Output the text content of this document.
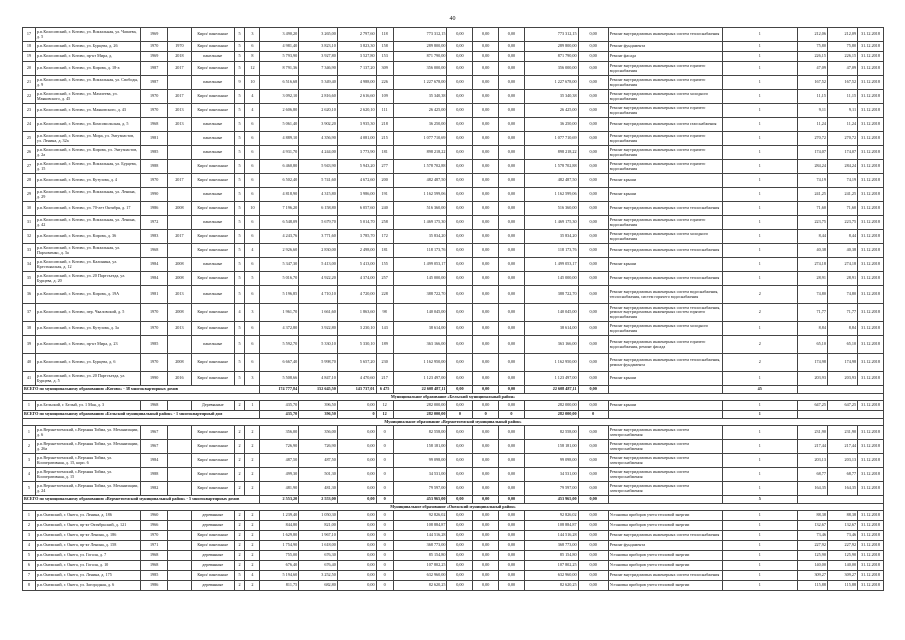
40
17	р.п.Колосовский, г. Котово, ул. Вокзальная, ул. Чапаева, д. 5	1969		Кирп/ панельные	5	3	3 490,20	3 265,00	2 797,60	118	773 312,15	0,00	0,00	0,00	773 312,15	0,00	Ремонт внутридомовых инженерных систем теплоснабжения	1	212,06	212,09	31.12.2018
18	р.п.Колосовский, г. Котово, ул. Бурцева, д. 26	1970	1970	Кирп/ панельные	5	6	4 981,40	3 823,10	3 823,30	158	289 800,00	0,00	0,00	0,00	289 800,00	0,00	Ремонт фундамента	1	75,80	75,80	31.12.2018
19	р.п.Колосовский, г. Котово, пр-кт Мира, д.	1969	2018	панельные	5	8	5 793,90	3 927,80	3 527,80	153	871 790,00	0,00	0,00	0,00	871 790,00	0,00	Ремонт фасада	1	226,15	226,15	31.12.2018
20	р.п.Колосовский, г. Котово, ул. Кирова, д. 18-а	1987	2017	Кирп/ панельные	5	12	8 791,36	7 346,90	7 137,20	309	356 000,00	0,00	0,00	0,00	356 000,00	0,00	Ремонт внутридомовых инженерных систем горячего водоснабжения	1	47,09	47,09	31.12.2018
21	р.п.Колосовский, г. Котово, ул. Вокзальная, ул. Свободы, д. 9	1987		панельные	9	10	6 516,68	5 349,40	4 988,00	226	1 227 678,00	0,00	0,00	0,00	1 227 678,00	0,00	Ремонт внутридомовых инженерных систем горячего водоснабжения	1	167,52	167,52	31.12.2018
22	р.п.Колосовский, г. Котово, ул. Мамлеева, ул. Маяковского, д. 45	1970	2017	Кирп/ панельные	5	4	3 092,10	2 816,60	2 616,60	109	35 340,38	0,00	0,00	0,00	35 340,38	0,00	Ремонт внутридомовых инженерных систем холодного водоснабжения	1	11,15	11,15	31.12.2018
23	р.п.Колосовский, г. Котово, ул. Маяковского, д. 43	1970	2013	Кирп/ панельные	5	4	2 606,80	2 620,10	2 620,10	111	26 425,00	0,00	0,00	0,00	26 425,00	0,00	Ремонт внутридомовых инженерных систем горячего водоснабжения	1	9,11	9,11	31.12.2018
24	р.п.Колосовский, г. Котово, ул. Комсомольская, д. 5	1968	2013	панельные	5	6	5 061,40	3 902,20	3 935,30	218	36 250,00	0,00	0,00	0,00	36 250,00	0,00	Ремонт внутридомовых инженерных систем газоснабжения	1	11,24	11,24	31.12.2018
25	р.п.Колосовский, г. Котово, ул. Мира, ул. Энтузиастов, ул. Ленина, д. 32а	1981		панельные	5	6	4 889,10	4 356,90	4 081,00	215	1 077 710,69	0,00	0,00	0,00	1 077 710,69	0,00	Ремонт внутридомовых инженерных систем горячего водоснабжения	1	270,72	270,72	31.12.2018
26	р.п.Колосовский, г. Котово, ул. Кирова, ул. Энтузиастов, д. 2а	1985		панельные	5	6	4 931,70	4 244,00	3 773,90	181	898 218,22	0,00	0,00	0,00	898 218,22	0,00	Ремонт внутридомовых инженерных систем горячего водоснабжения	1	174,07	174,07	31.12.2018
27	р.п.Колосовский, г. Котово, ул. Вокзальная, ул. Бурцева, д. 15	1988		Кирп/ панельные	5	6	6 460,80	5 943,90	5 943,20	277	1 578 702,88	0,00	0,00	0,00	1 578 702,88	0,00	Ремонт внутридомовых инженерных систем горячего водоснабжения	1	284,24	284,24	31.12.2018
28	р.п.Колосовский, г. Котово, ул. Кутузова, д. 4	1970	2017	Кирп/ панельные	5	6	6 502,40	5 741,60	4 672,60	200	482 487,50	0,00	0,00	0,00	482 487,50	0,00	Ремонт крыши	1	74,19	74,19	31.12.2018
29	р.п.Колосовский, г. Котово, ул. Вокзальная, ул. Ленина, д. 29	1990		панельные	5	6	4 818,90	4 315,80	3 986,00	191	1 162 599,06	0,00	0,00	0,00	1 162 599,06	0,00	Ремонт крыши	1	241,25	241,25	31.12.2018
30	р.п.Колосовский, г. Котово, ул. 70-лет Октября, д. 17	1986	2008	Кирп/ панельные	5	10	7 196,20	6 158,80	6 057,60	240	516 360,00	0,00	0,00	0,00	516 360,00	0,00	Ремонт внутридомовых инженерных систем теплоснабжения	1	71,60	71,60	31.12.2018
31	р.п.Колосовский, г. Котово, ул. Вокзальная, ул. Ленина, д. 42	1972		панельные	5	6	6 548,09	5 679,70	5 014,70	258	1 469 175,30	0,00	0,00	0,00	1 469 175,30	0,00	Ремонт внутридомовых инженерных систем горячего водоснабжения	1	223,75	223,75	31.12.2018
32	р.п.Колосовский, г. Котово, ул. Кирова, д. 36	1983	2017	Кирп/ панельные	5	6	4 243,76	3 771,60	3 785,70	172	35 834,20	0,00	0,00	0,00	35 834,20	0,00	Ремонт внутридомовых инженерных систем холодного водоснабжения	1	8,44	8,44	31.12.2018
33	р.п.Колосовский, г. Котово, ул. Вокзальная, ул. Пархоменко, д. 3а	1968		Кирп/ панельные	5	4	2 926,60	2 830,00	2 498,00	181	118 173,76	0,00	0,00	0,00	118 173,76	0,00	Ремонт внутридомовых инженерных систем теплоснабжения	1	40,38	40,38	31.12.2018
34	р.п.Колосовский, г. Котово, ул. Калинина, ул. Крестьянская, д. 12	1984	2008	панельные	5	6	5 347,30	5 413,00	5 413,00	155	1 499 053,17	0,00	0,00	0,00	1 499 053,17	0,00	Ремонт крыши	1	274,18	274,18	31.12.2018
35	р.п.Колосовский, г. Котово, ул. 20 Партсъезда, ул. Бурцева, д. 20	1984	2008	Кирп/ панельные	5	5	5 016,70	4 922,20	4 374,00	257	145 000,00	0,00	0,00	0,00	145 000,00	0,00	Ремонт внутридомовых инженерных систем теплоснабжения	1	28,91	28,91	31.12.2018
36	р.п.Колосовский, г. Котово, ул. Кирова, д. 19А	1981	2013	панельные	5	6	5 196,85	4 710,10	4 720,00	228	388 722,70	0,00	0,00	0,00	388 722,70	0,00	Ремонт внутридомовых инженерных систем водоснабжения, теплоснабжения, систем горячего водоснабжения	2	74,80	74,80	31.12.2018
37	р.п.Колосовский, г. Котово, пер. Чкаловский, д. 5	1970	2008	Кирп/ панельные	4	3	1 961,70	1 661,60	1 863,60	98	140 045,00	0,00	0,00	0,00	140 045,00	0,00	Ремонт внутридомовых инженерных систем теплоснабжения, ремонт внутридомовых инженерных систем горячего водоснабжения	2	71,77	71,77	31.12.2018
38	р.п.Колосовский, г. Котово, ул. Кутузова, д. 3а	1970	2013	Кирп/ панельные	5	6	4 372,80	3 922,80	3 230,10	143	38 614,00	0,00	0,00	0,00	38 614,00	0,00	Ремонт внутридомовых инженерных систем холодного водоснабжения	1	8,84	8,84	31.12.2018
39	р.п.Колосовский, г. Котово, пр-кт Мира, д. 23	1985		панельные	5	6	5 592,70	5 330,10	5 330,10	189	363 166,00	0,00	0,00	0,00	363 166,00	0,00	Ремонт внутридомовых инженерных систем горячего водоснабжения, ремонт фасада	2	65,10	65,10	31.12.2018
40	р.п.Колосовский, г. Котово, ул. Бурцева, д. 6	1970	2008	Кирп/ панельные	5	6	6 667,40	5 998,70	5 657,20	230	1 162 950,00	0,00	0,00	0,00	1 162 950,00	0,00	Ремонт внутридомовых инженерных систем теплоснабжения, ремонт фундамента	2	174,98	174,98	31.12.2018
41	р.п.Колосовский, г. Котово, ул. 20 Партсъезда, ул. Бурцева, д. 5	1990	2016	Кирп/ панельные	5	3	5 508,66	4 847,10	4 470,60	217	1 123 497,00	0,00	0,00	0,00	1 123 497,00	0,00	Ремонт крыши	1	203,93	203,93	31.12.2018
ВСЕГО по муниципальному образованию «Котово» - 38 многоквартирных домов							174 777,84	152 645,50	143 737,01	6 475	22 608 487,11	0,00	0,00	0,00	22 608 487,11	0,00		45			
Муниципальное образование «Бельский муниципальный район»																					
1	р.п.Бельский, г. Белый, ул. 1 Мая, д. 3	1968		Деревянные	2	1	435,70	396,50	0,00	12	282 000,00	0,00	0,00	0,00	282 000,00	0,00	Ремонт крыши	1	647,25	647,25	31.12.2018
ВСЕГО по муниципальному образованию «Бельский муниципальный район» - 1 многоквартирный дом							435,70	396,50	0	12	282 000,00	0	0	0	282 000,00	0		1			
Муниципальное образование «Верхнетоемский муниципальный район»																					
1	р.п.Верхнетоемский, с.Верхняя Тойма, ул. Механизации, д. 6	1967		Кирп/ панельные	2	2	356,00	356,00	0,00	0	82 558,00	0,00	0,00	0,00	82 558,00	0,00	Ремонт внутридомовых инженерных систем электроснабжения	1	231,90	231,90	31.12.2018
2	р.п.Верхнетоемский, с.Верхняя Тойма, ул. Механизации, д. 26а	1967		Кирп/ панельные	2	2	726,90	726,90	0,00	0	158 181,00	0,00	0,00	0,00	158 181,00	0,00	Ремонт внутридомовых инженерных систем электроснабжения	1	217,44	217,44	31.12.2018
3	р.п.Верхнетоемский, с.Верхняя Тойма, ул. Кооперативная, д. 15, корп. 6	1984		Кирп/ панельные	2	2	487,50	487,50	0,00	0	99 098,00	0,00	0,00	0,00	99 098,00	0,00	Ремонт внутридомовых инженерных систем электроснабжения	1	203,13	203,13	31.12.2018
4	р.п.Верхнетоемский, с.Верхняя Тойма, ул. Кооперативная, д. 15	1988		Кирп/ панельные	2	2	499,30	501,30	0,00	0	34 531,00	0,00	0,00	0,00	34 531,00	0,00	Ремонт внутридомовых инженерных систем электроснабжения	1	68,77	68,77	31.12.2018
5	р.п.Верхнетоемский, с.Верхняя Тойма, ул. Механизации, д. 24	1982		Кирп/ панельные	2	2	481,90	481,30	0,00	0	79 597,00	0,00	0,00	0,00	79 597,00	0,00	Ремонт внутридомовых инженерных систем электроснабжения	1	164,35	164,35	31.12.2018
ВСЕГО по муниципальному образованию «Верхнетоемский муниципальный район» - 5 многоквартирных домов							2 553,20	2 553,00	0,00	0	453 965,00	0,00	0,00	0,00	453 965,00	0,00		5			
Муниципальное образование «Онежский муниципальный район»																					
1	р.п.Онежский, г. Онега, ул. Ленина, д. 186	1960		деревянные	2	2	1 239,40	1 050,30	0,00	0	92 826,02	0,00	0,00	0,00	92 826,02	0,00	Установка приборов учета тепловой энергии	1	88,38	88,38	31.12.2018
2	р.п.Онежский, г. Онега, пр-кт Октябрьский, д. 121	1966		деревянные	2	2	844,80	821,00	0,00	0	108 884,87	0,00	0,00	0,00	108 884,87	0,00	Установка приборов учета тепловой энергии	1	132,67	132,67	31.12.2018
3	р.п.Онежский, г. Онега, пр-кт Ленина, д. 186	1970		Кирп/ панельные	2	2	1 629,80	1 967,10	0,00	0	144 516,28	0,00	0,00	0,00	144 516,28	0,00	Ремонт внутридомовых инженерных систем теплоснабжения	1	73,46	73,46	31.12.2018
4	р.п.Онежский, г. Онега, пр-кт Ленина, д. 158	1971		Кирп/ панельные	2	2	1 754,90	1 618,00	0,00	0	368 773,00	0,00	0,00	0,00	368 773,00	0,00	Ремонт фундамента	1	227,92	227,92	31.12.2018
5	р.п.Онежский, г. Онега, ул. Гоголя, д. 7	1968		деревянные	2	2	755,00	676,30	0,00	0	85 154,80	0,00	0,00	0,00	85 154,80	0,00	Установка приборов учета тепловой энергии	1	125,90	125,90	31.12.2018
6	р.п.Онежский, г. Онега, ул. Гоголя, д. 10	1968		деревянные	2	2	676,40	676,40	0,00	0	107 802,25	0,00	0,00	0,00	107 802,25	0,00	Установка приборов учета тепловой энергии	1	140,00	140,00	31.12.2018
7	р.п.Онежский, г. Онега, ул. Ленина, д. 175	1985		Кирп/ панельные	5	4	5 194,60	3 252,50	0,00	0	632 960,00	0,00	0,00	0,00	632 960,00	0,00	Ремонт внутридомовых инженерных систем теплоснабжения	1	309,27	309,27	31.12.2018
8	р.п.Онежский, г. Онега, ул. Загородная, д. 6	1986		деревянные	2	2	811,75	682,80	0,00	0	82 620,25	0,00	0,00	0,00	82 620,25	0,00	Установка приборов учета тепловой энергии	1	115,88	115,88	31.12.2018
